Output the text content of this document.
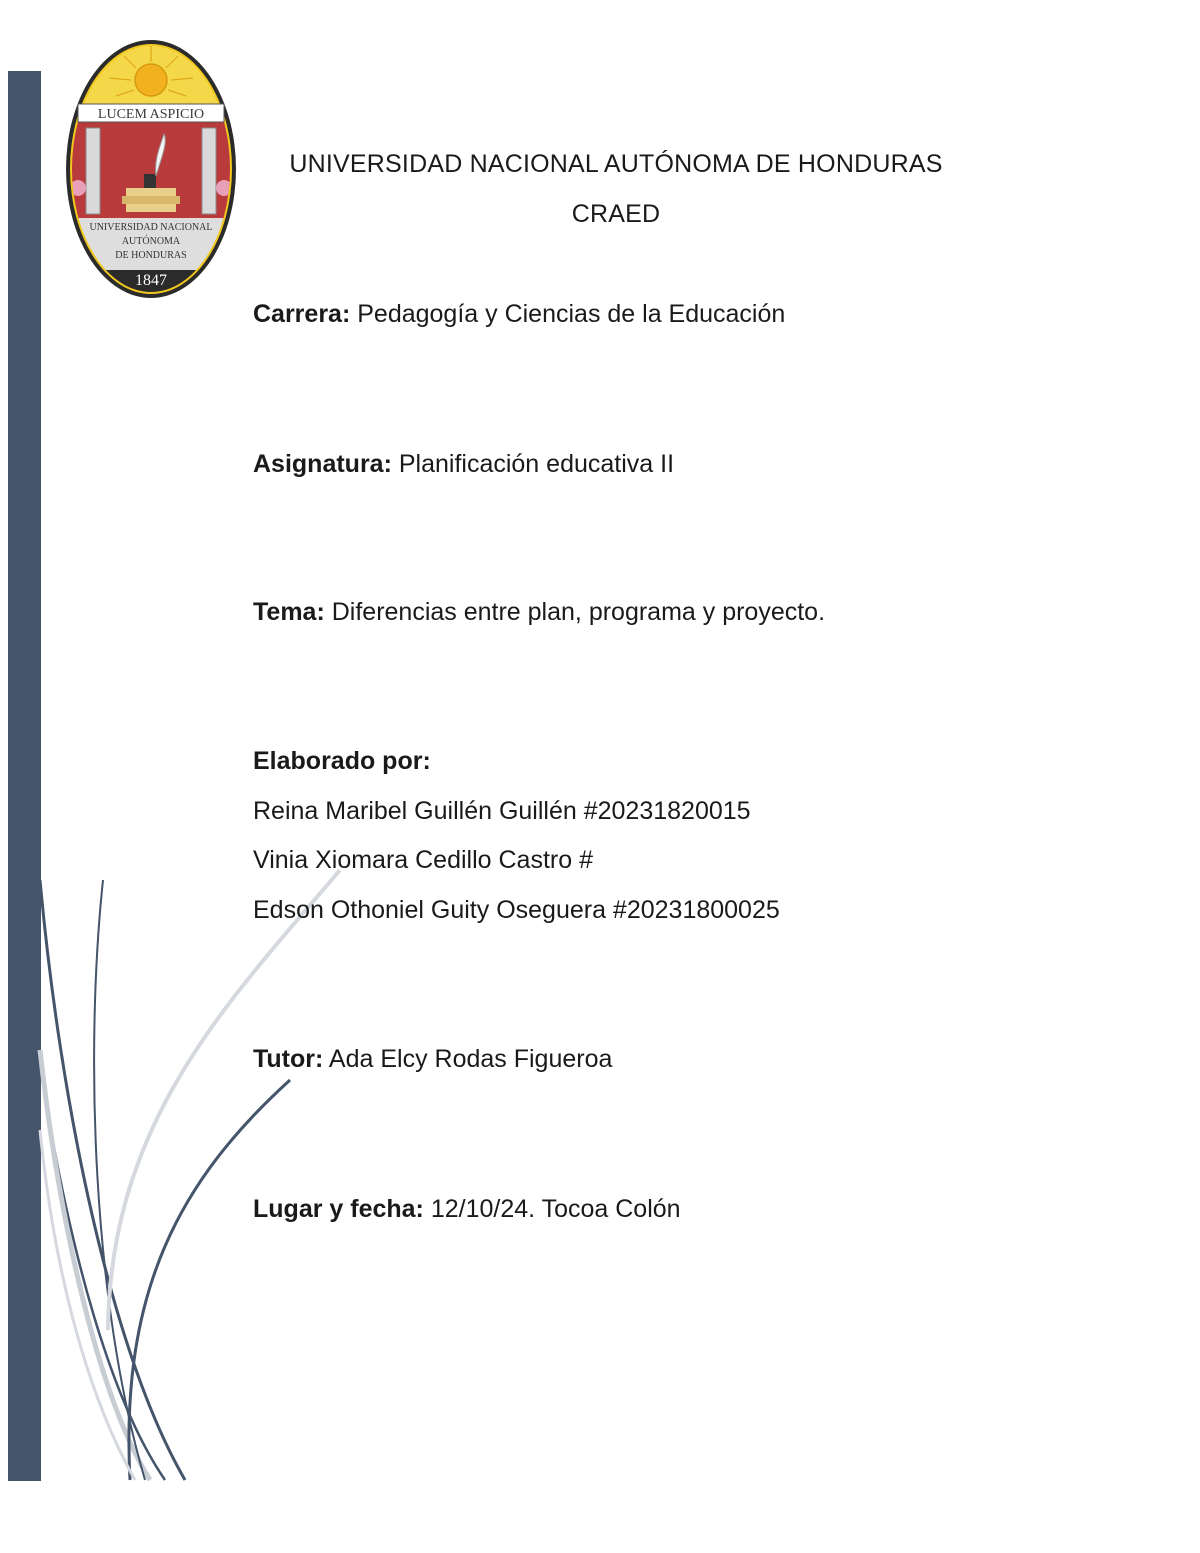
LUCEM ASPICIO
UNIVERSIDAD NACIONAL
AUTÓNOMA
DE HONDURAS
1847
UNIVERSIDAD NACIONAL AUTÓNOMA DE HONDURAS
CRAED
Carrera: Pedagogía y Ciencias de la Educación
Asignatura: Planificación educativa II
Tema: Diferencias entre plan, programa y proyecto.
Elaborado por:
Reina Maribel Guillén Guillén #20231820015
Vinia Xiomara Cedillo Castro #
Edson Othoniel Guity Oseguera #20231800025
Tutor: Ada Elcy Rodas Figueroa
Lugar y fecha: 12/10/24. Tocoa Colón
